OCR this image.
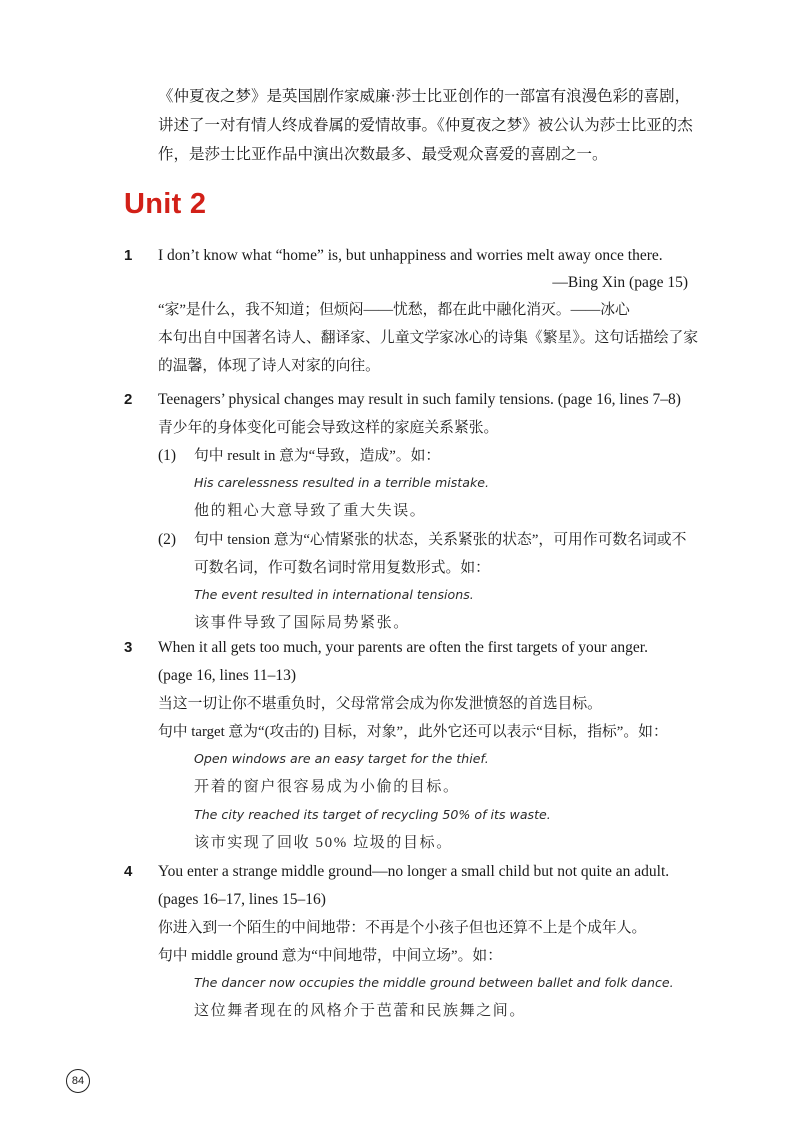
《仲夏夜之梦》是英国剧作家威廉·莎士比亚创作的一部富有浪漫色彩的喜剧，讲述了一对有情人终成眷属的爱情故事。《仲夏夜之梦》被公认为莎士比亚的杰作，是莎士比亚作品中演出次数最多、最受观众喜爱的喜剧之一。

Unit 2
1 I don’t know what “home” is, but unhappiness and worries melt away once there.

—Bing Xin (page 15)

“家”是什么，我不知道；但烦闷——忧愁，都在此中融化消灭。——冰心

本句出自中国著名诗人、翻译家、儿童文学家冰心的诗集《繁星》。这句话描绘了家的温馨，体现了诗人对家的向往。

2 Teenagers’ physical changes may result in such family tensions. (page 16, lines 7–8)

青少年的身体变化可能会导致这样的家庭关系紧张。

(1) 句中 result in 意为“导致，造成”。如：

His carelessness resulted in a terrible mistake.

他的粗心大意导致了重大失误。

(2) 句中 tension 意为“心情紧张的状态，关系紧张的状态”，可用作可数名词或不可数名词，作可数名词时常用复数形式。如：

The event resulted in international tensions.

该事件导致了国际局势紧张。

3 When it all gets too much, your parents are often the first targets of your anger.

(page 16, lines 11–13)

当这一切让你不堪重负时，父母常常会成为你发泄愤怒的首选目标。

句中 target 意为“(攻击的) 目标，对象”，此外它还可以表示“目标，指标”。如：

Open windows are an easy target for the thief.

开着的窗户很容易成为小偷的目标。

The city reached its target of recycling 50% of its waste.

该市实现了回收 50% 垃圾的目标。

4 You enter a strange middle ground—no longer a small child but not quite an adult.

(pages 16–17, lines 15–16)

你进入到一个陌生的中间地带：不再是个小孩子但也还算不上是个成年人。

句中 middle ground 意为“中间地带，中间立场”。如：

The dancer now occupies the middle ground between ballet and folk dance.

这位舞者现在的风格介于芭蕾和民族舞之间。

84
